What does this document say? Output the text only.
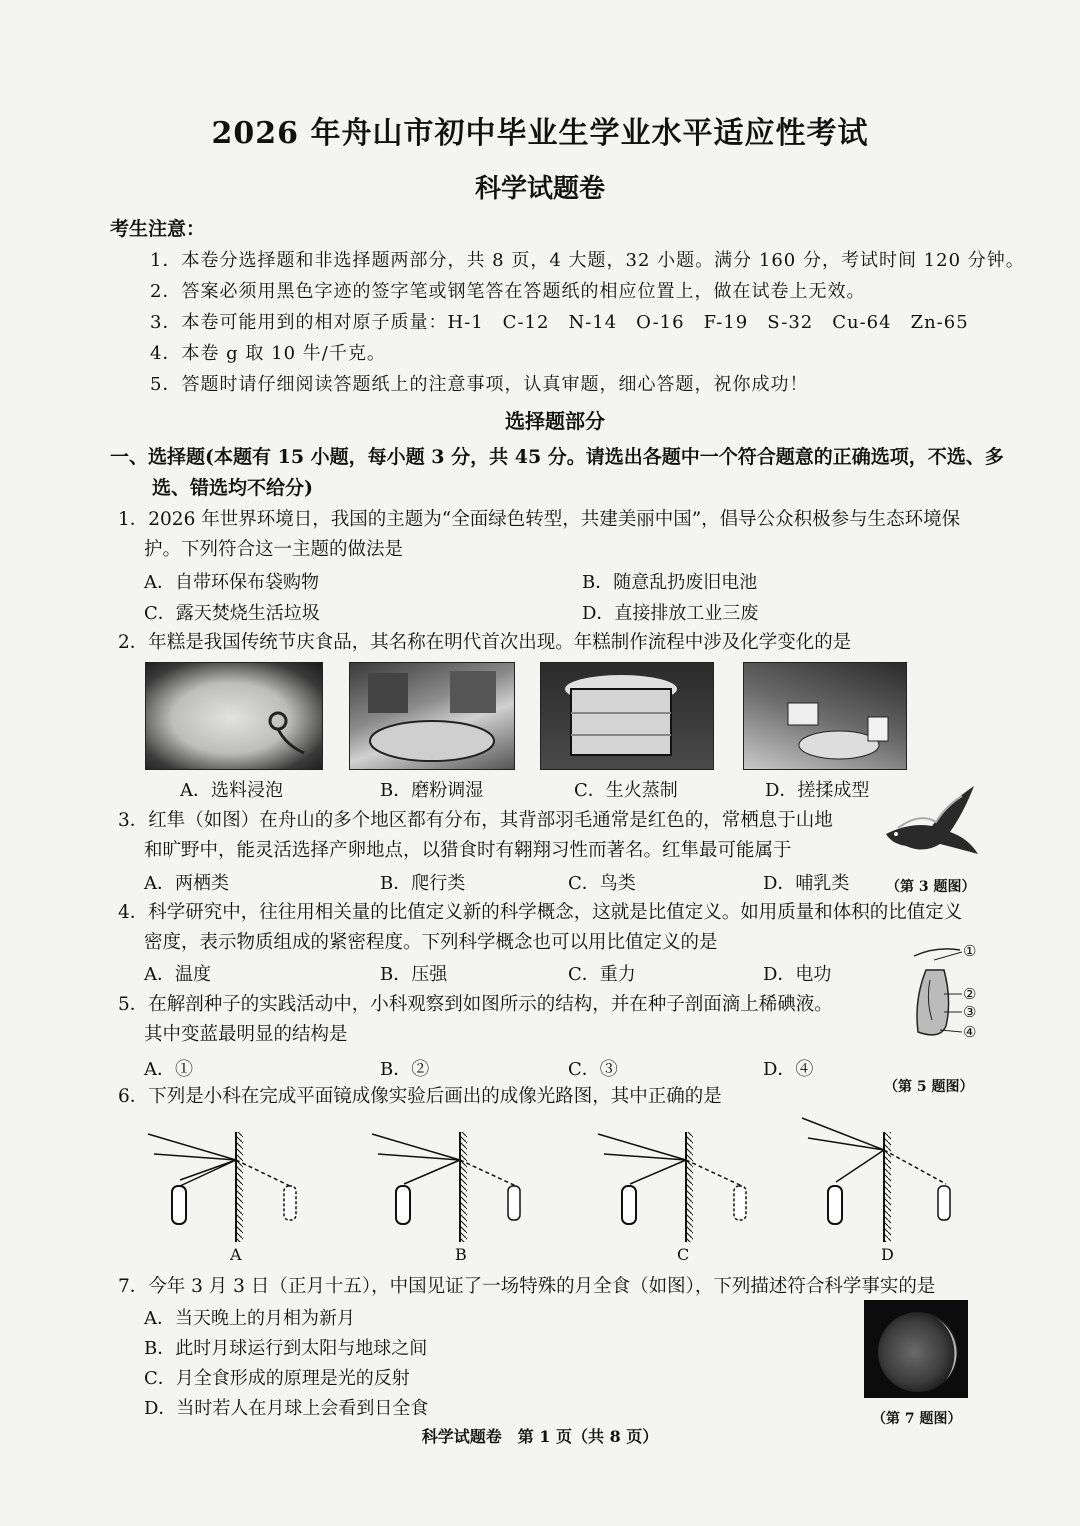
2026 年舟山市初中毕业生学业水平适应性考试
科学试题卷
考生注意：
1．本卷分选择题和非选择题两部分，共 8 页，4 大题，32 小题。满分 160 分，考试时间 120 分钟。
2．答案必须用黑色字迹的签字笔或钢笔答在答题纸的相应位置上，做在试卷上无效。
3．本卷可能用到的相对原子质量：H-1　C-12　N-14　O-16　F-19　S-32　Cu-64　Zn-65
4．本卷 g 取 10 牛/千克。
5．答题时请仔细阅读答题纸上的注意事项，认真审题，细心答题，祝你成功！
选择题部分
一、选择题(本题有 15 小题，每小题 3 分，共 45 分。请选出各题中一个符合题意的正确选项，不选、多
选、错选均不给分)
1．2026 年世界环境日，我国的主题为“全面绿色转型，共建美丽中国”，倡导公众积极参与生态环境保
护。下列符合这一主题的做法是
A．自带环保布袋购物	B．随意乱扔废旧电池
C．露天焚烧生活垃圾	D．直接排放工业三废
2．年糕是我国传统节庆食品，其名称在明代首次出现。年糕制作流程中涉及化学变化的是
A．选料浸泡	B．磨粉调湿	C．生火蒸制	D．搓揉成型
3．红隼（如图）在舟山的多个地区都有分布，其背部羽毛通常是红色的，常栖息于山地
和旷野中，能灵活选择产卵地点，以猎食时有翱翔习性而著名。红隼最可能属于
A．两栖类	B．爬行类	C．鸟类	D．哺乳类	（第 3 题图）
4．科学研究中，往往用相关量的比值定义新的科学概念，这就是比值定义。如用质量和体积的比值定义
密度，表示物质组成的紧密程度。下列科学概念也可以用比值定义的是
A．温度	B．压强	C．重力	D．电功
5．在解剖种子的实践活动中，小科观察到如图所示的结构，并在种子剖面滴上稀碘液。
其中变蓝最明显的结构是
A．①	B．②	C．③	D．④
①
②
③
④
（第 5 题图）
6．下列是小科在完成平面镜成像实验后画出的成像光路图，其中正确的是
A	B	C	D
7．今年 3 月 3 日（正月十五），中国见证了一场特殊的月全食（如图），下列描述符合科学事实的是
A．当天晚上的月相为新月
B．此时月球运行到太阳与地球之间
C．月全食形成的原理是光的反射
D．当时若人在月球上会看到日全食	（第 7 题图）
科学试题卷　第 1 页（共 8 页）
